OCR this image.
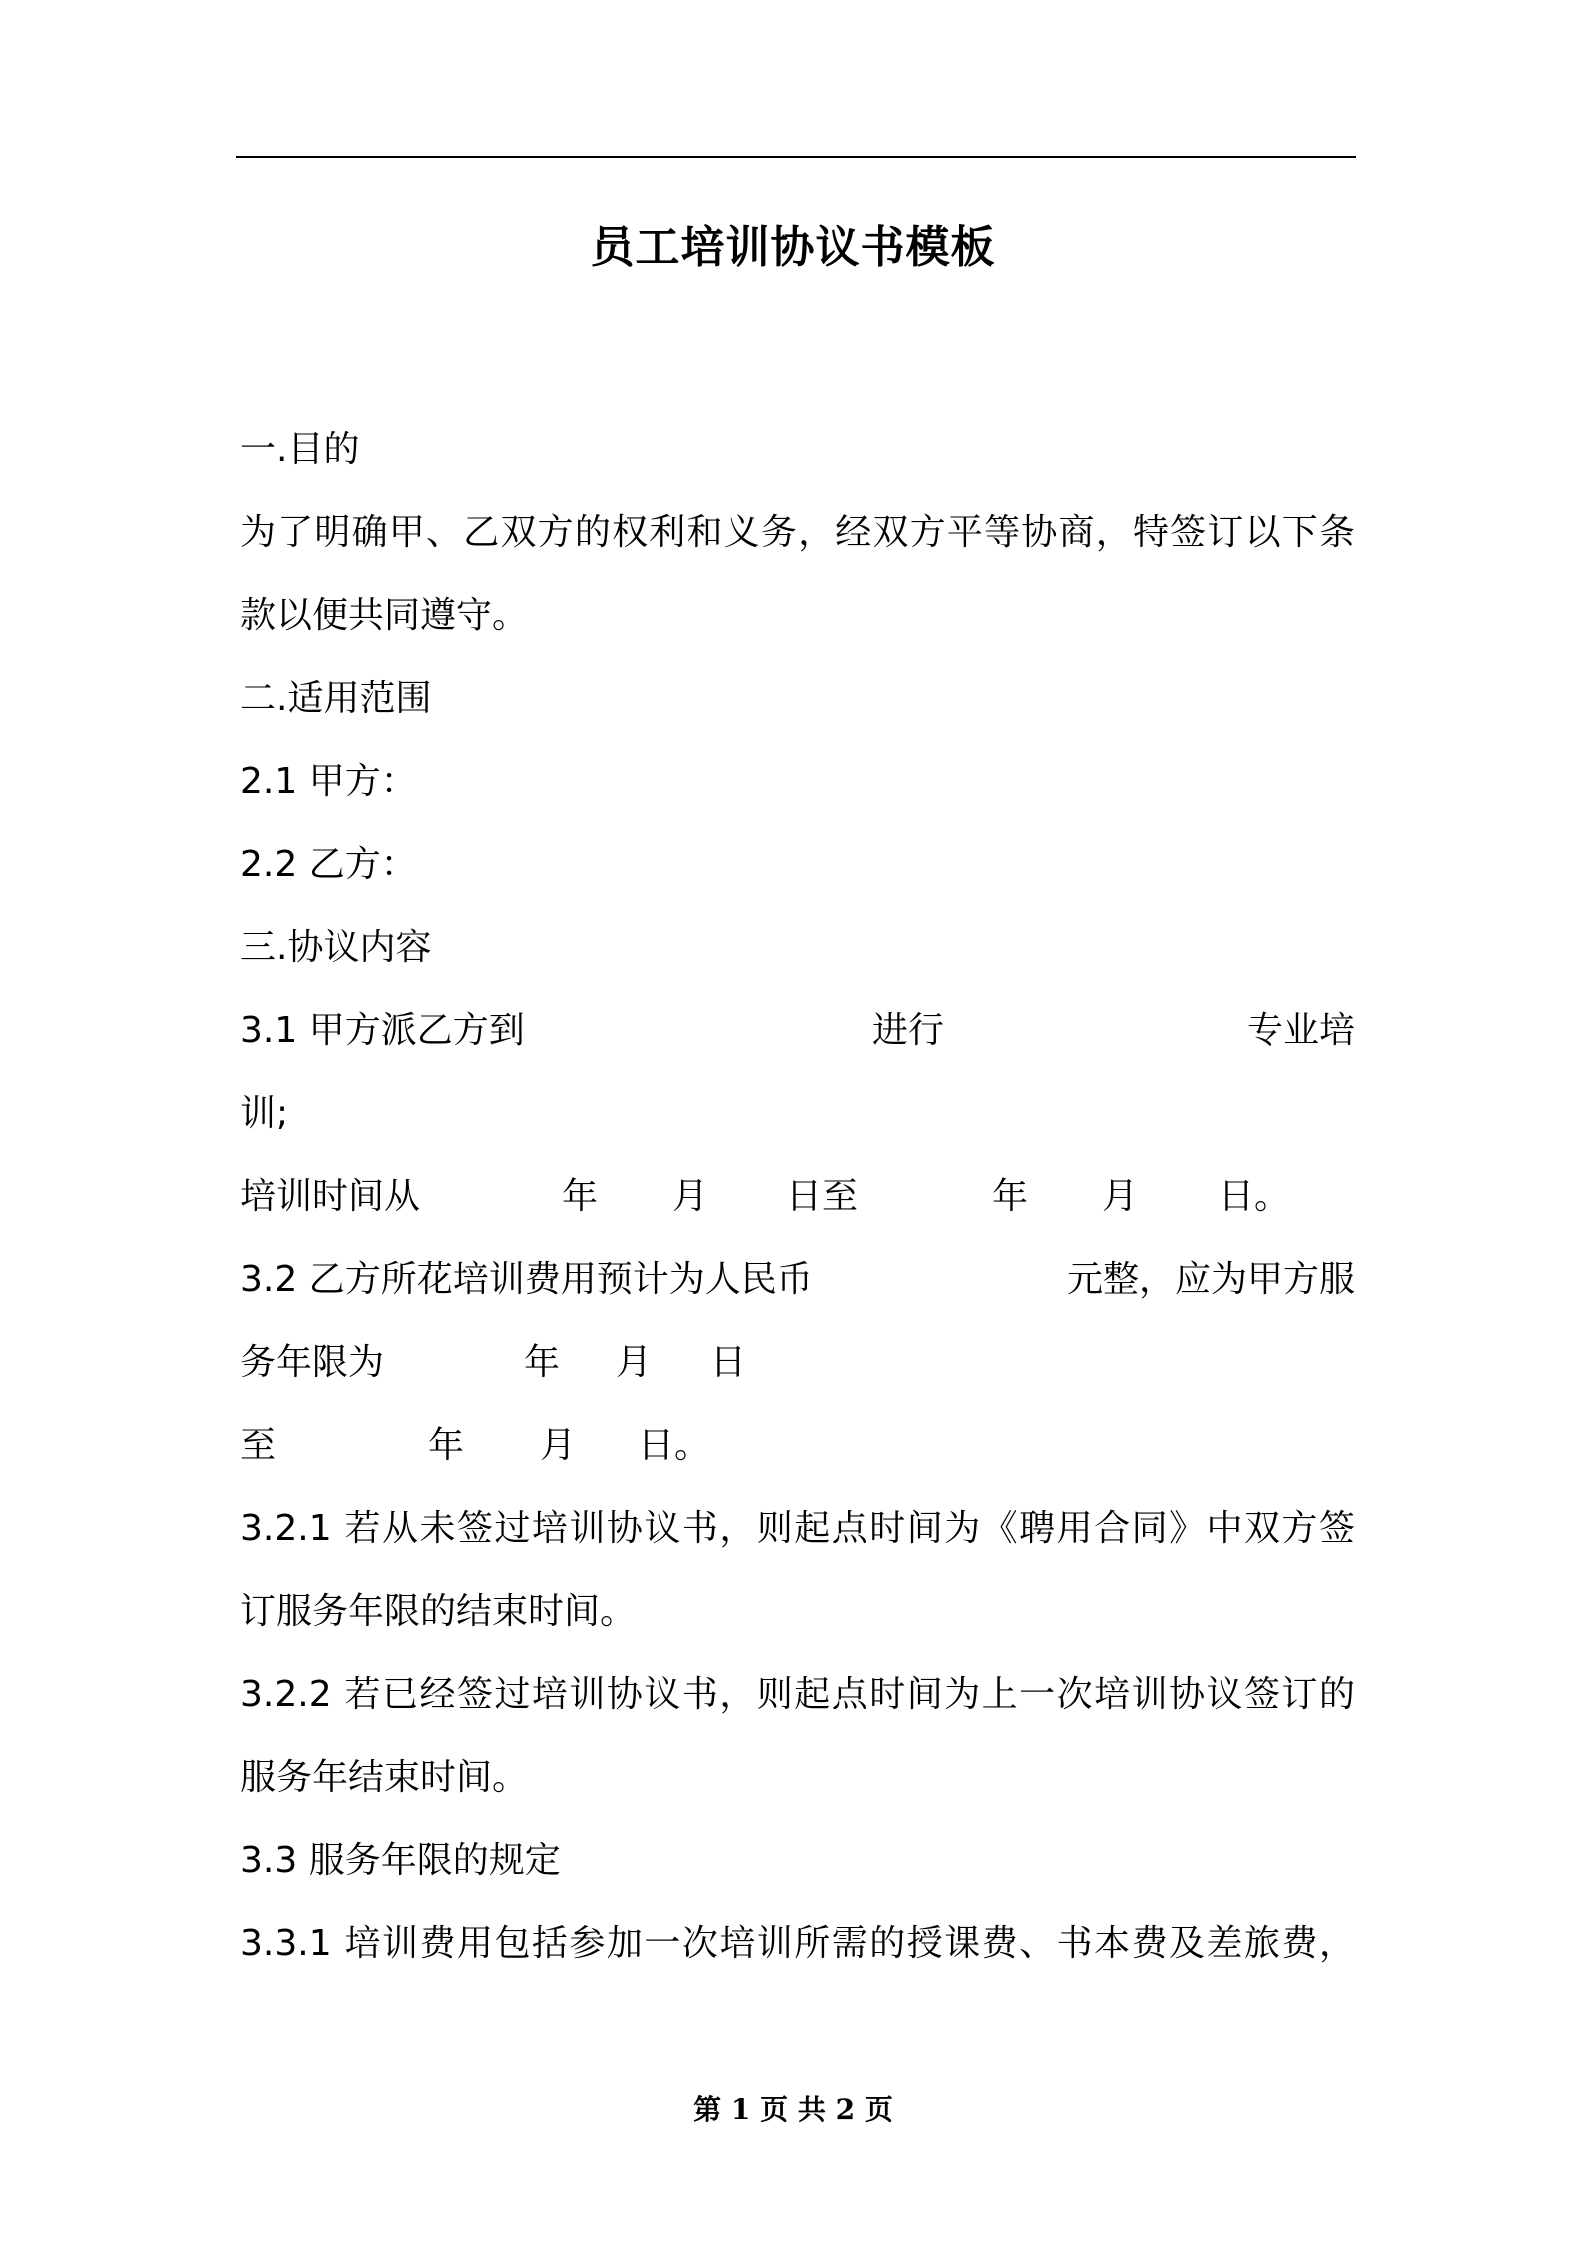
员工培训协议书模板
一.目的
为了明确甲、乙双方的权利和义务，经双方平等协商，特签订以下条
款以便共同遵守。
二.适用范围
2.1 甲方：
2.2 乙方：
三.协议内容
3.1 甲方派乙方到	进行	专业培
训;
培训时间从	年 月 日至	年 月 日。
3.2 乙方所花培训费用预计为人民币	元整，应为甲方服
务年限为	年 月 日
至	年 月 日。
3.2.1 若从未签过培训协议书，则起点时间为《聘用合同》中双方签
订服务年限的结束时间。
3.2.2 若已经签过培训协议书，则起点时间为上一次培训协议签订的
服务年结束时间。
3.3 服务年限的规定
3.3.1 培训费用包括参加一次培训所需的授课费、书本费及差旅费，
第 1 页 共 2 页
